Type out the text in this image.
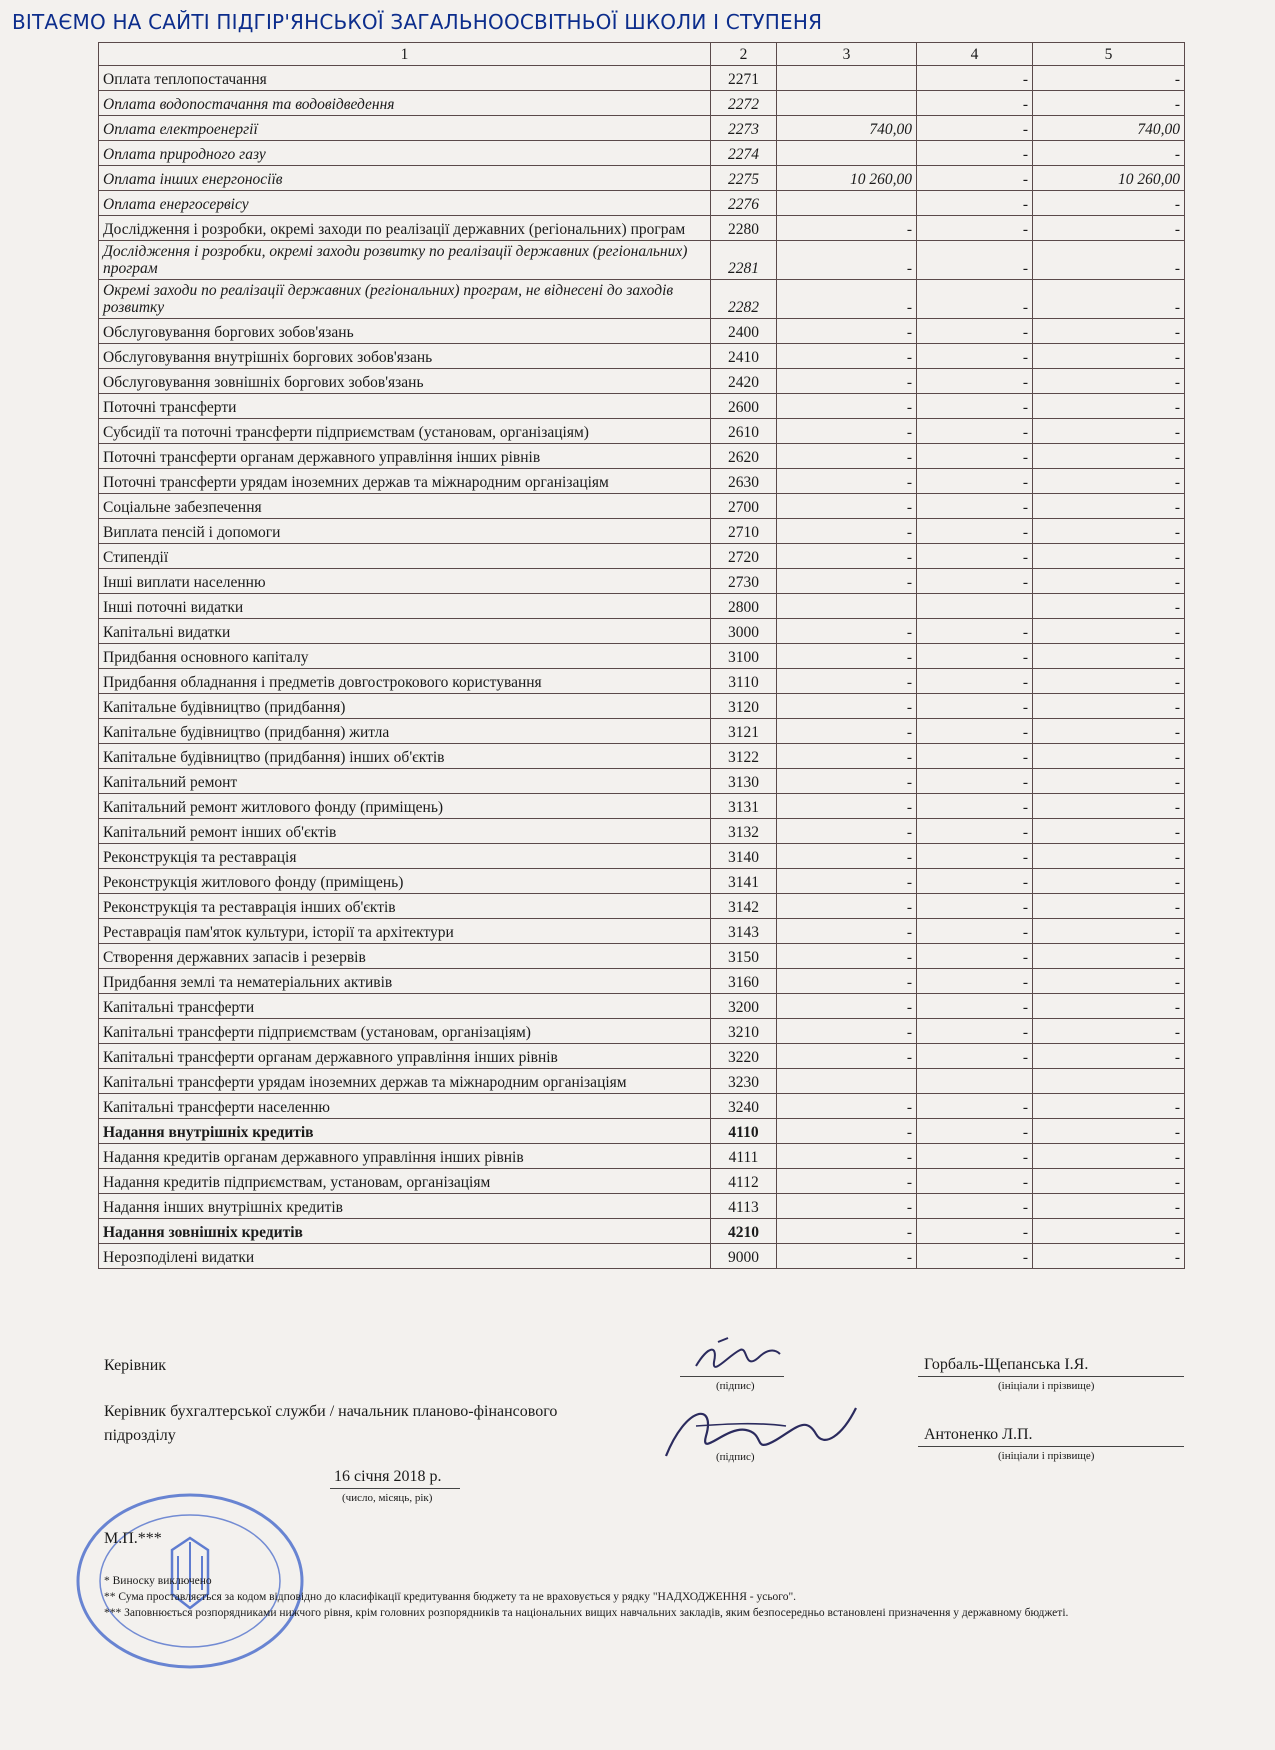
ВІТАЄМО НА САЙТІ ПІДГІР'ЯНСЬКОЇ ЗАГАЛЬНООСВІТНЬОЇ ШКОЛИ І СТУПЕНЯ
1	2	3	4	5
Оплата теплопостачання	2271		-	-
Оплата водопостачання та водовідведення	2272		-	-
Оплата електроенергії	2273	740,00	-	740,00
Оплата природного газу	2274		-	-
Оплата інших енергоносіїв	2275	10 260,00	-	10 260,00
Оплата енергосервісу	2276		-	-
Дослідження і розробки, окремі заходи по реалізації державних (регіональних) програм	2280	-	-	-
Дослідження і розробки, окремі заходи розвитку по реалізації державних (регіональних) програм	2281	-	-	-
Окремі заходи по реалізації державних (регіональних) програм, не віднесені до заходів розвитку	2282	-	-	-
Обслуговування боргових зобов'язань	2400	-	-	-
Обслуговування внутрішніх боргових зобов'язань	2410	-	-	-
Обслуговування зовнішніх боргових зобов'язань	2420	-	-	-
Поточні трансферти	2600	-	-	-
Субсидії та поточні трансферти підприємствам (установам, організаціям)	2610	-	-	-
Поточні трансферти органам державного управління інших рівнів	2620	-	-	-
Поточні трансферти урядам іноземних держав та міжнародним організаціям	2630	-	-	-
Соціальне забезпечення	2700	-	-	-
Виплата пенсій і допомоги	2710	-	-	-
Стипендії	2720	-	-	-
Інші виплати населенню	2730	-	-	-
Інші поточні видатки	2800			-
Капітальні видатки	3000	-	-	-
Придбання основного капіталу	3100	-	-	-
Придбання обладнання і предметів довгострокового користування	3110	-	-	-
Капітальне будівництво (придбання)	3120	-	-	-
Капітальне будівництво (придбання) житла	3121	-	-	-
Капітальне будівництво (придбання) інших об'єктів	3122	-	-	-
Капітальний ремонт	3130	-	-	-
Капітальний ремонт житлового фонду (приміщень)	3131	-	-	-
Капітальний ремонт інших об'єктів	3132	-	-	-
Реконструкція та реставрація	3140	-	-	-
Реконструкція житлового фонду (приміщень)	3141	-	-	-
Реконструкція та реставрація інших об'єктів	3142	-	-	-
Реставрація пам'яток культури, історії та архітектури	3143	-	-	-
Створення державних запасів і резервів	3150	-	-	-
Придбання землі та нематеріальних активів	3160	-	-	-
Капітальні трансферти	3200	-	-	-
Капітальні трансферти підприємствам (установам, організаціям)	3210	-	-	-
Капітальні трансферти органам державного управління інших рівнів	3220	-	-	-
Капітальні трансферти урядам іноземних держав та міжнародним організаціям	3230			
Капітальні трансферти населенню	3240	-	-	-
Надання внутрішніх кредитів	4110	-	-	-
Надання кредитів органам державного управління інших рівнів	4111	-	-	-
Надання кредитів підприємствам, установам, організаціям	4112	-	-	-
Надання інших внутрішніх кредитів	4113	-	-	-
Надання зовнішніх кредитів	4210	-	-	-
Нерозподілені видатки	9000	-	-	-
Керівник
(підпис)
Горбаль-Щепанська І.Я.
(ініціали і прізвище)
Керівник бухгалтерської служби / начальник планово-фінансового
підрозділу
(підпис)
Антоненко Л.П.
(ініціали і прізвище)
16 січня 2018 р.
(число, місяць, рік)
М.П.***
* Виноску виключено
** Сума проставляється за кодом відповідно до класифікації кредитування бюджету та не враховується у рядку "НАДХОДЖЕННЯ - усього".
*** Заповнюється розпорядниками нижчого рівня, крім головних розпорядників та національних вищих навчальних закладів, яким безпосередньо встановлені призначення у державному бюджеті.
